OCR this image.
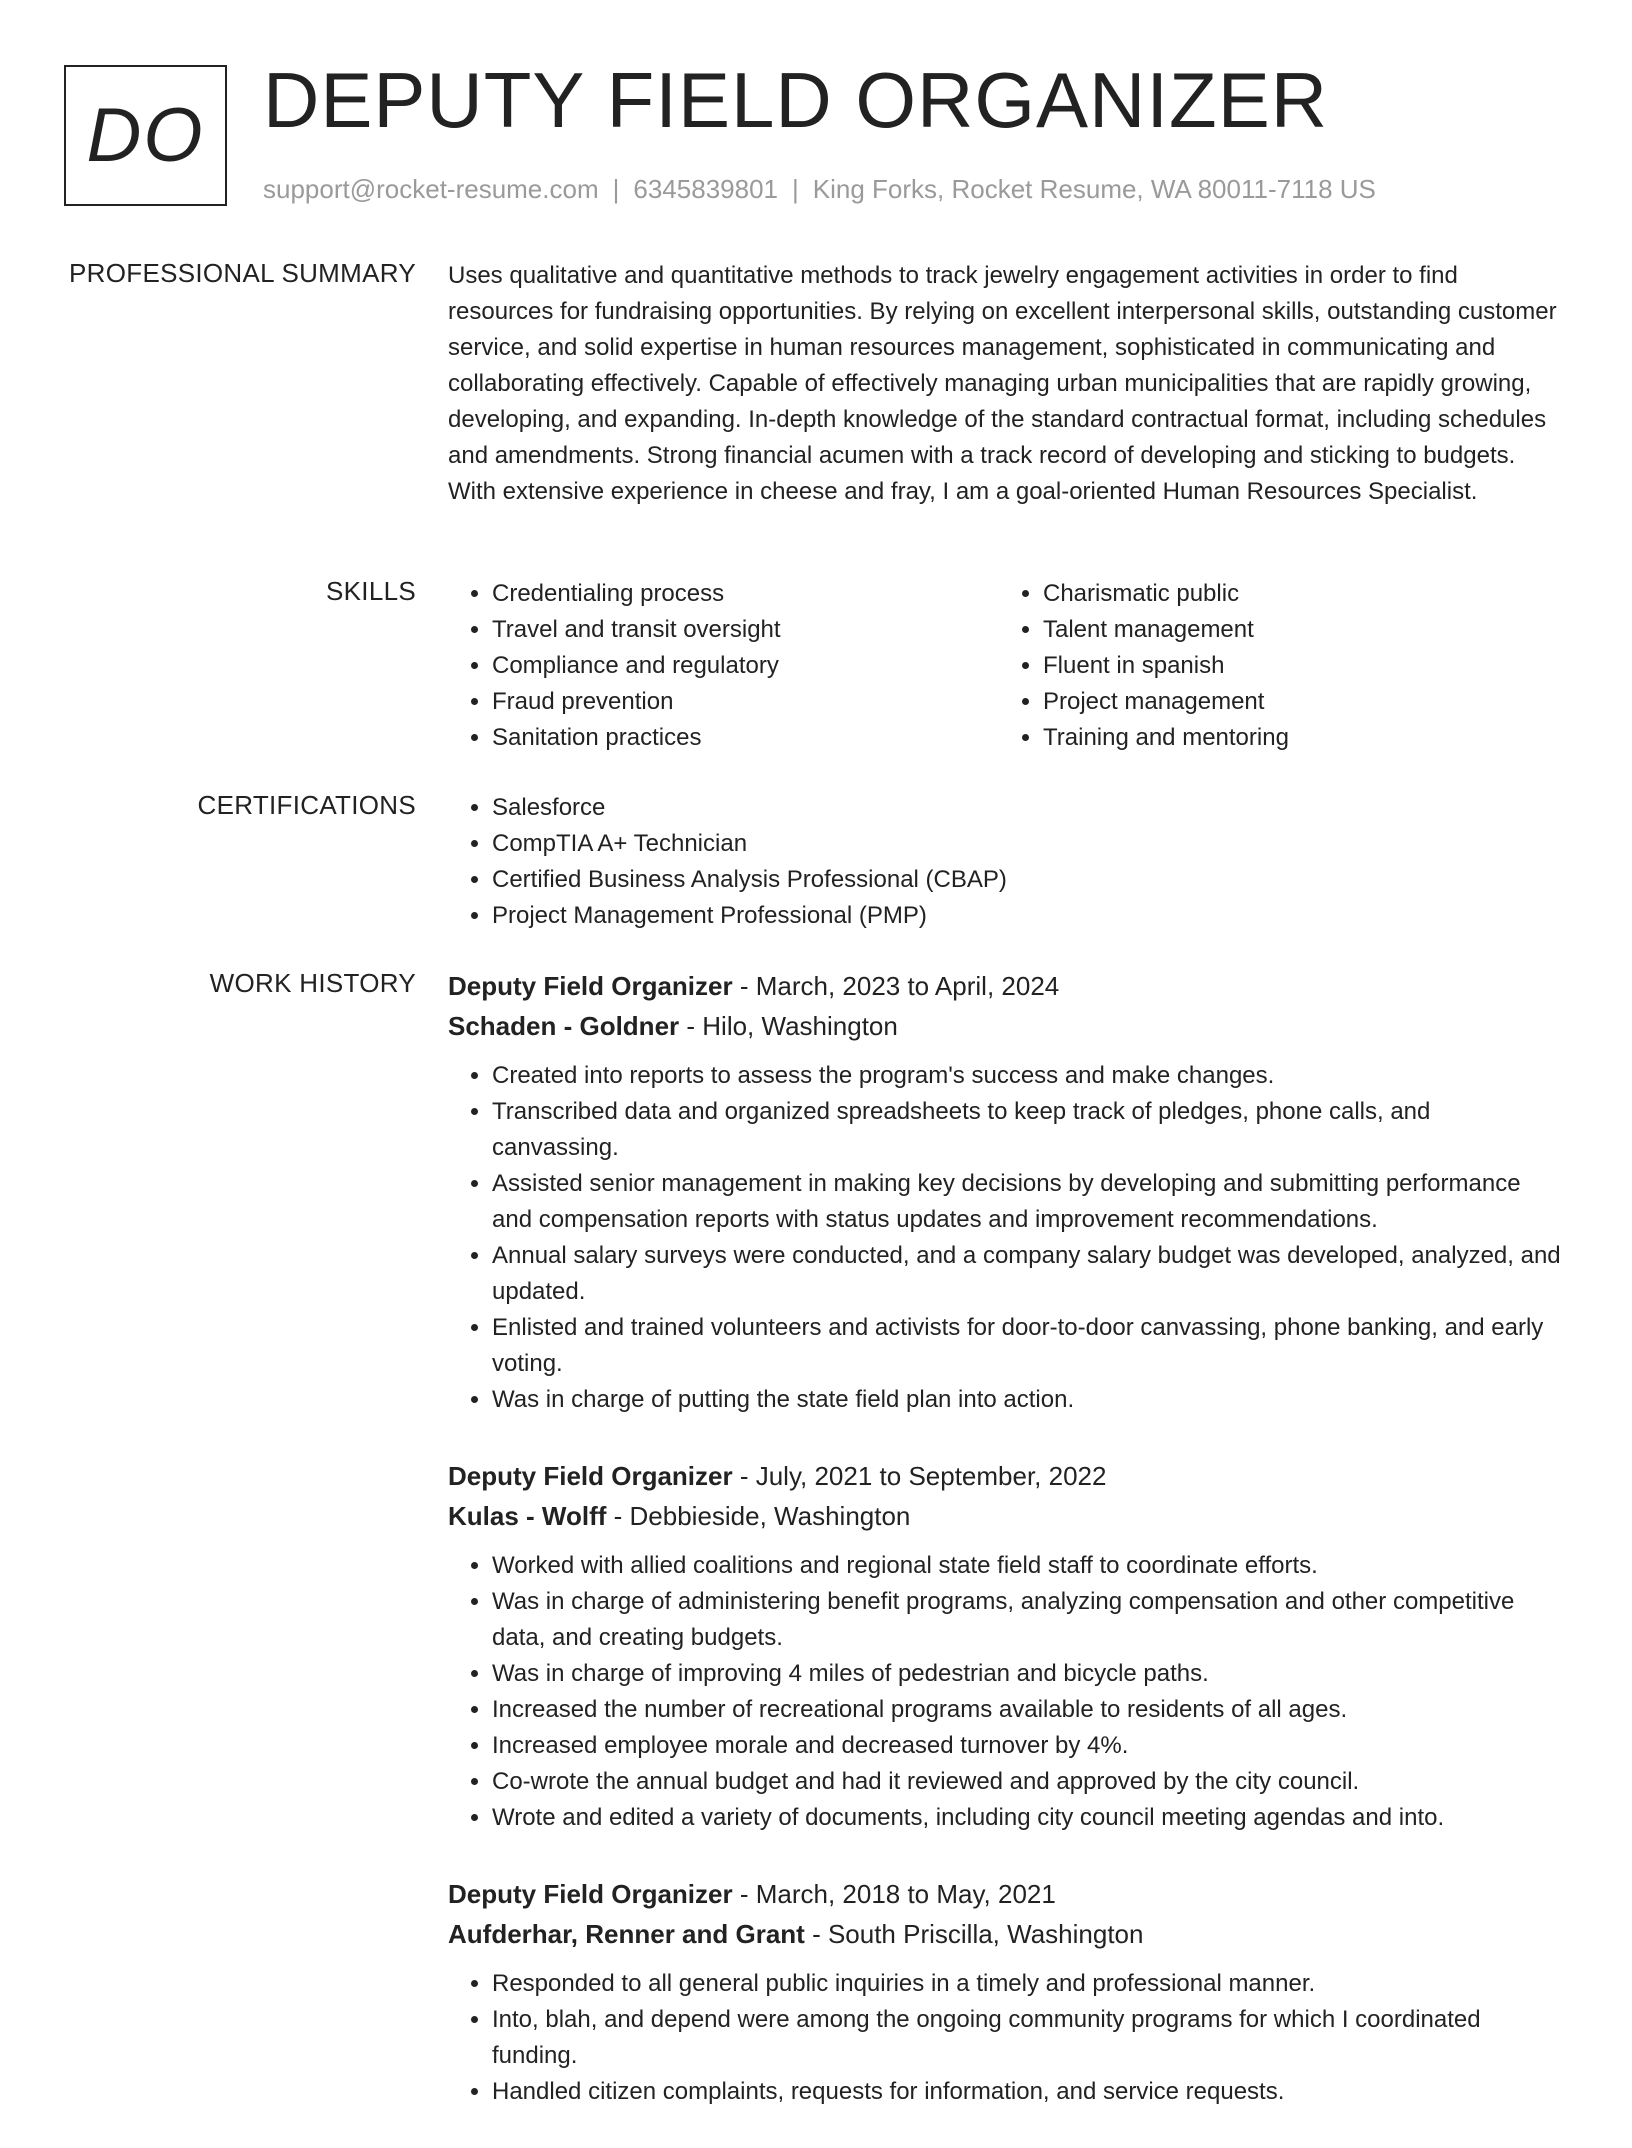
DO DEPUTY FIELD ORGANIZER
support@rocket-resume.com | 6345839801 | King Forks, Rocket Resume, WA 80011-7118 US
PROFESSIONAL SUMMARY Uses qualitative and quantitative methods to track jewelry engagement activities in order to find resources for fundraising opportunities. By relying on excellent interpersonal skills, outstanding customer service, and solid expertise in human resources management, sophisticated in communicating and collaborating effectively. Capable of effectively managing urban municipalities that are rapidly growing, developing, and expanding. In-depth knowledge of the standard contractual format, including schedules and amendments. Strong financial acumen with a track record of developing and sticking to budgets. With extensive experience in cheese and fray, I am a goal-oriented Human Resources Specialist.
SKILLS	• Credentialing process
• Travel and transit oversight
• Compliance and regulatory
• Fraud prevention
• Sanitation practices
• Charismatic public
• Talent management
• Fluent in spanish
• Project management
• Training and mentoring
CERTIFICATIONS	• Salesforce
• CompTIA A+ Technician
• Certified Business Analysis Professional (CBAP)
• Project Management Professional (PMP)
WORK HISTORY Deputy Field Organizer - March, 2023 to April, 2024
Schaden - Goldner - Hilo, Washington
• Created into reports to assess the program's success and make changes.
• Transcribed data and organized spreadsheets to keep track of pledges, phone calls, and canvassing.
• Assisted senior management in making key decisions by developing and submitting performance and compensation reports with status updates and improvement recommendations.
• Annual salary surveys were conducted, and a company salary budget was developed, analyzed, and updated.
• Enlisted and trained volunteers and activists for door-to-door canvassing, phone banking, and early voting.
• Was in charge of putting the state field plan into action.
Deputy Field Organizer - July, 2021 to September, 2022
Kulas - Wolff - Debbieside, Washington
• Worked with allied coalitions and regional state field staff to coordinate efforts.
• Was in charge of administering benefit programs, analyzing compensation and other competitive data, and creating budgets.
• Was in charge of improving 4 miles of pedestrian and bicycle paths.
• Increased the number of recreational programs available to residents of all ages.
• Increased employee morale and decreased turnover by 4%.
• Co-wrote the annual budget and had it reviewed and approved by the city council.
• Wrote and edited a variety of documents, including city council meeting agendas and into.
Deputy Field Organizer - March, 2018 to May, 2021
Aufderhar, Renner and Grant - South Priscilla, Washington
• Responded to all general public inquiries in a timely and professional manner.
• Into, blah, and depend were among the ongoing community programs for which I coordinated funding.
• Handled citizen complaints, requests for information, and service requests.
